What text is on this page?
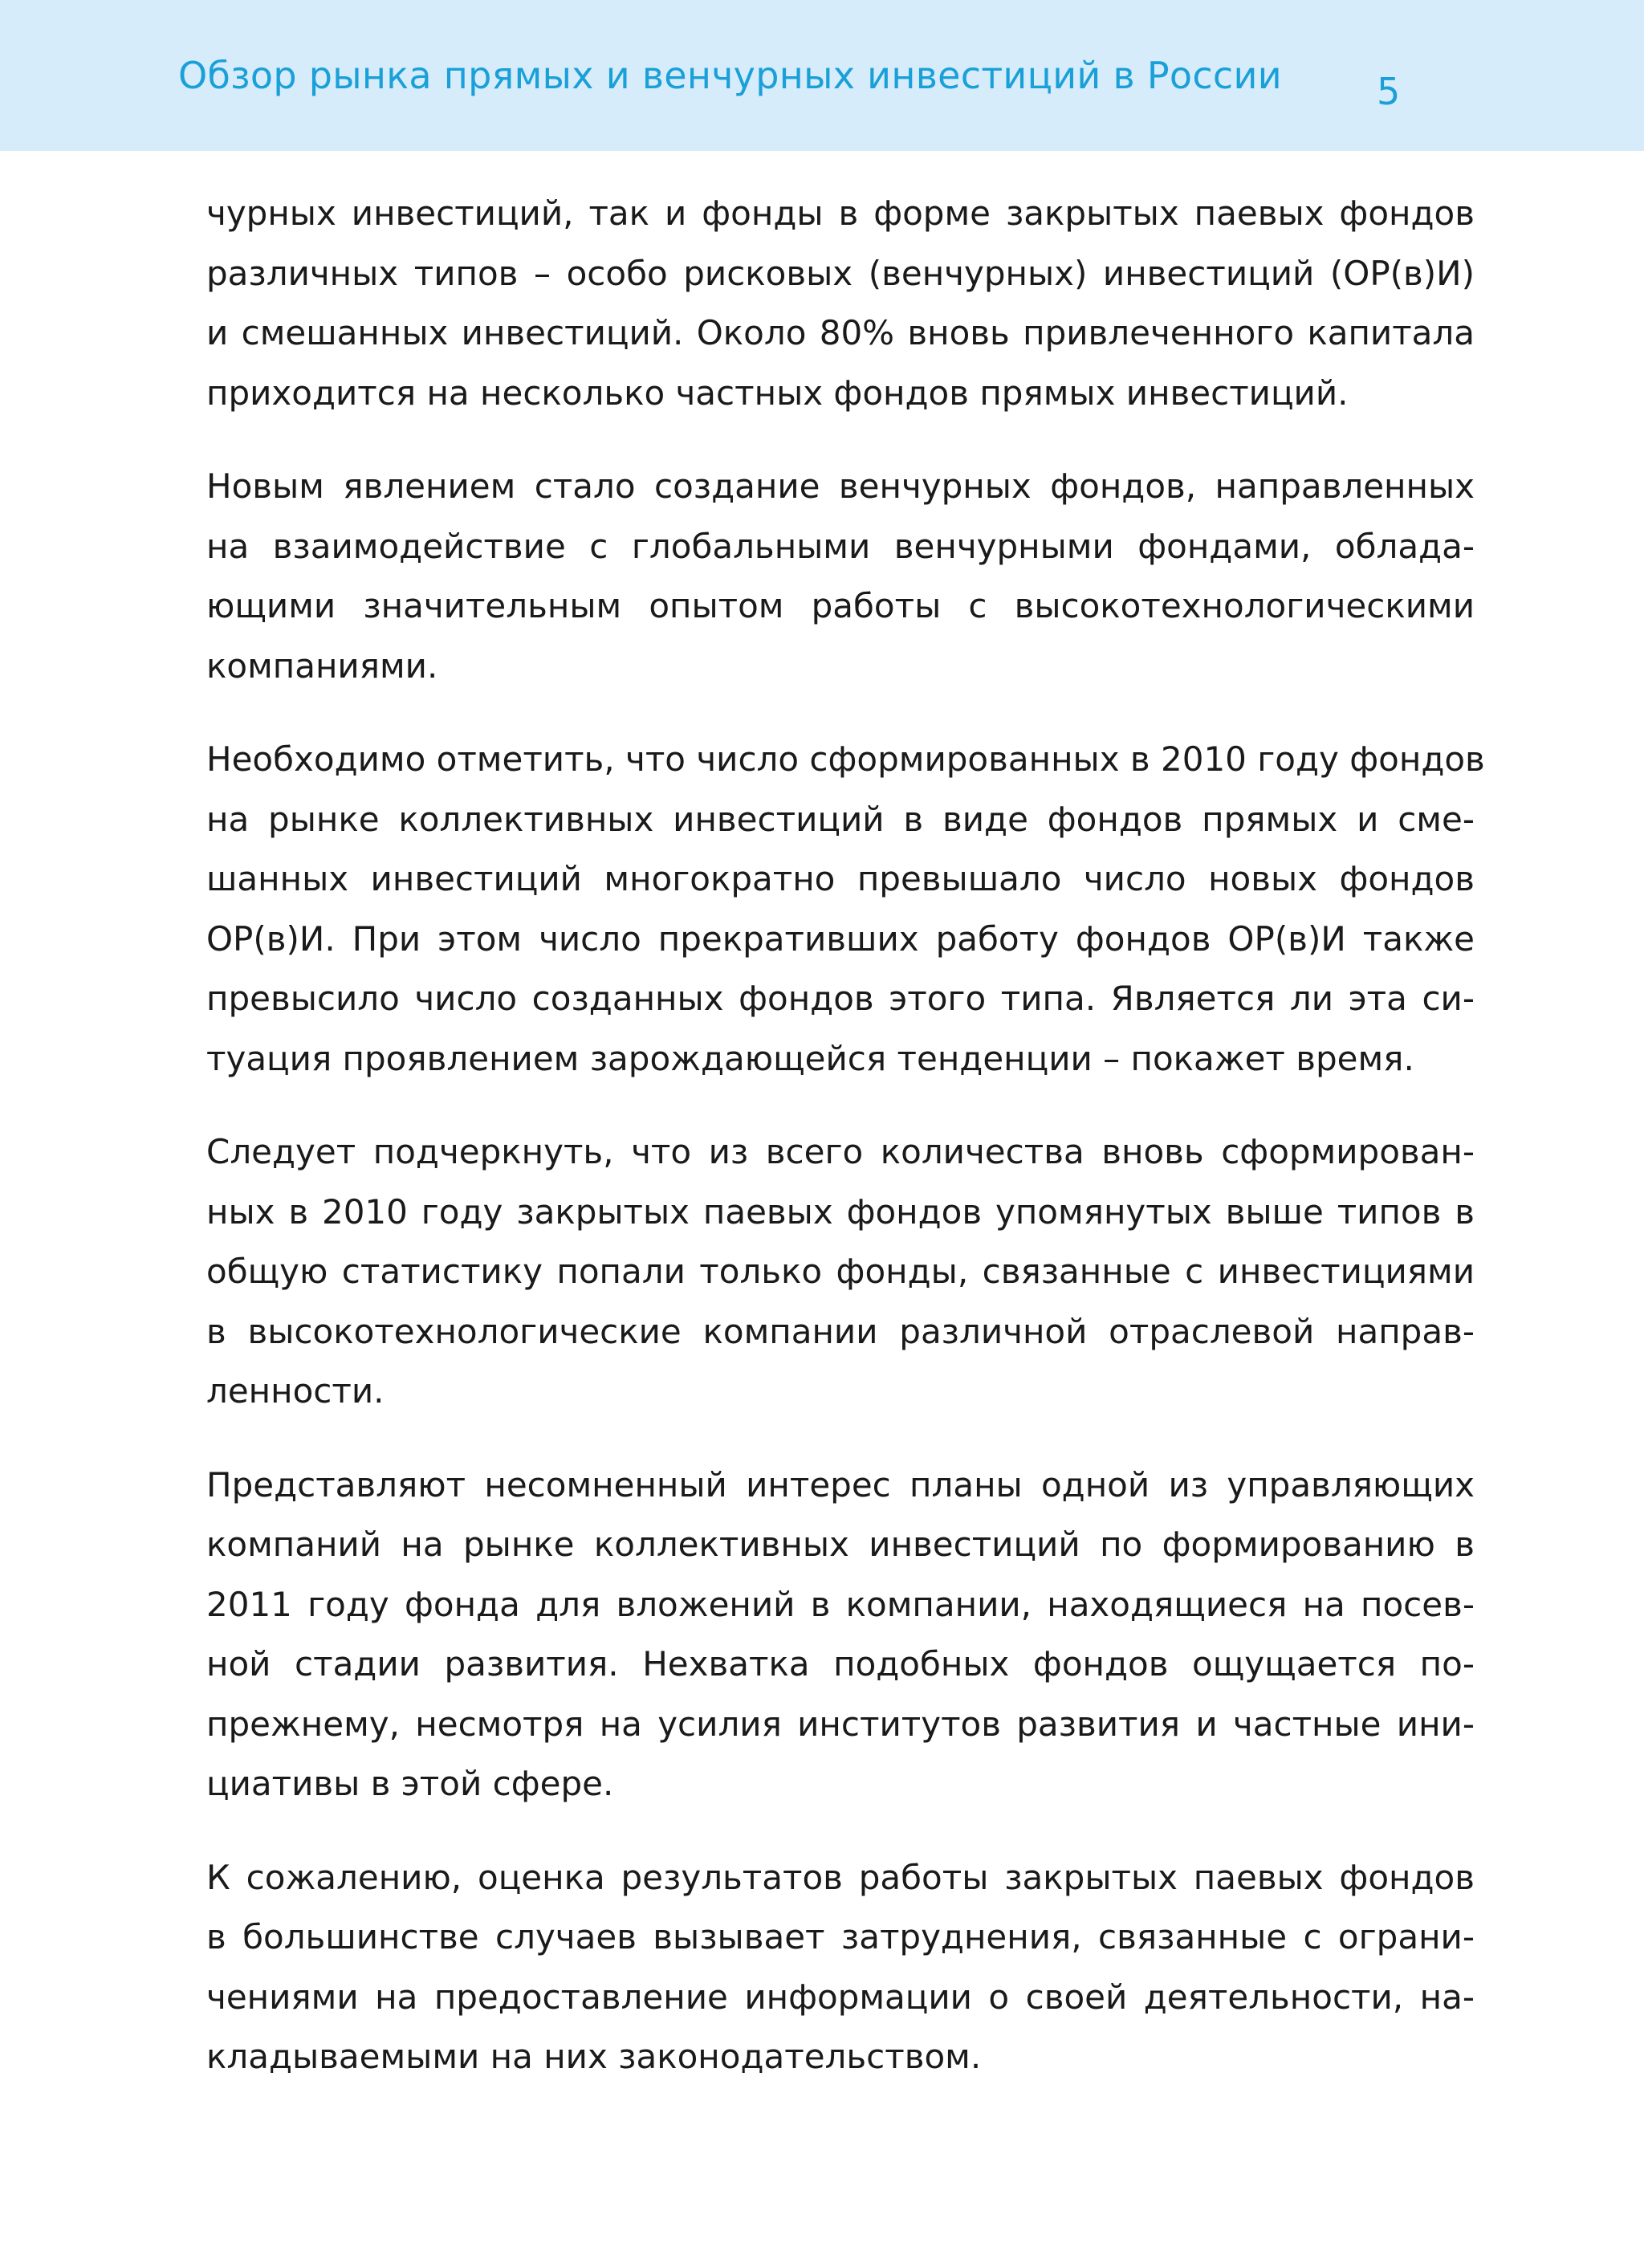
Обзор рынка прямых и венчурных инвестиций в России	5

чурных инвестиций, так и фонды в форме закрытых паевых фондов
различных типов – особо рисковых (венчурных) инвестиций (ОР(в)И)
и смешанных инвестиций. Около 80% вновь привлеченного капитала
приходится на несколько частных фондов прямых инвестиций.

Новым явлением стало создание венчурных фондов, направленных
на взаимодействие с глобальными венчурными фондами, облада-
ющими значительным опытом работы с высокотехнологическими
компаниями.

Необходимо отметить, что число сформированных в 2010 году фондов
на рынке коллективных инвестиций в виде фондов прямых и сме-
шанных инвестиций многократно превышало число новых фондов
ОР(в)И. При этом число прекративших работу фондов ОР(в)И также
превысило число созданных фондов этого типа. Является ли эта си-
туация проявлением зарождающейся тенденции – покажет время.

Следует подчеркнуть, что из всего количества вновь сформирован-
ных в 2010 году закрытых паевых фондов упомянутых выше типов в
общую статистику попали только фонды, связанные с инвестициями
в высокотехнологические компании различной отраслевой направ-
ленности.

Представляют несомненный интерес планы одной из управляющих
компаний на рынке коллективных инвестиций по формированию в
2011 году фонда для вложений в компании, находящиеся на посев-
ной стадии развития. Нехватка подобных фондов ощущается по-
прежнему, несмотря на усилия институтов развития и частные ини-
циативы в этой сфере.

К сожалению, оценка результатов работы закрытых паевых фондов
в большинстве случаев вызывает затруднения, связанные с ограни-
чениями на предоставление информации о своей деятельности, на-
кладываемыми на них законодательством.
